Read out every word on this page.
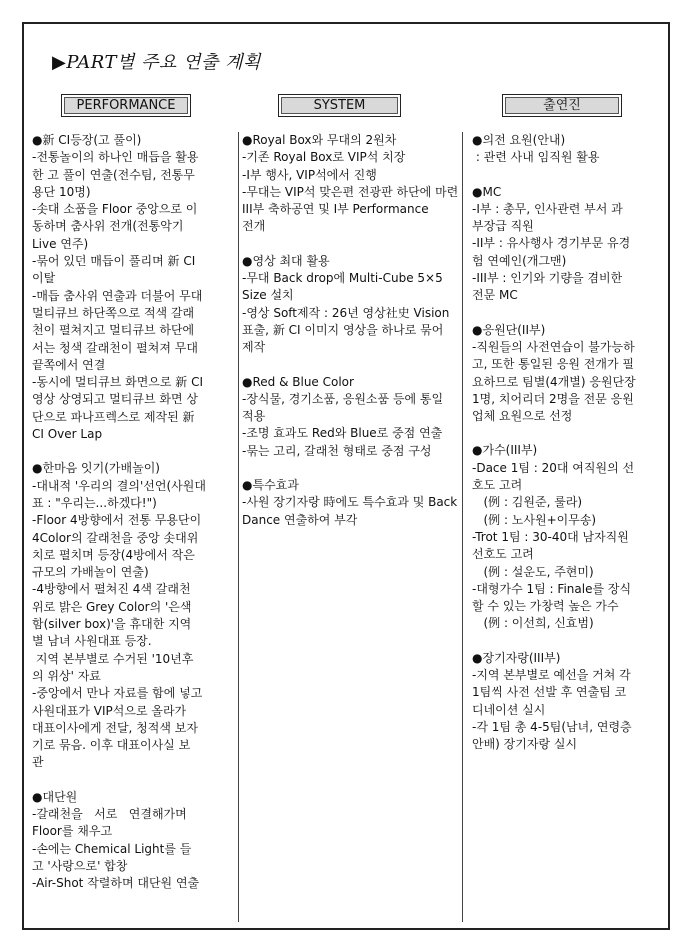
▶PART별 주요 연출 계획
PERFORMANCE	SYSTEM	출연진
●新 CI등장(고 풀이)
-전통놀이의 하나인 매듭을 활용
한 고 풀이 연출(전수팀, 전통무
용단 10명)
-솟대 소품을 Floor 중앙으로 이
동하며 춤사위 전개(전통악기
Live 연주)
-묶어 있던 매듭이 풀리며 新 CI
이탈
-매듭 춤사위 연출과 더불어 무대
멀티큐브 하단쪽으로 적색 갈래
천이 펼쳐지고 멀티큐브 하단에
서는 청색 갈래천이 펼쳐져 무대
끝쪽에서 연결
-동시에 멀티큐브 화면으로 新 CI
영상 상영되고 멀티큐브 화면 상
단으로 파나프렉스로 제작된 新
CI Over Lap
●한마음 잇기(가배놀이)
-대내적 '우리의 결의'선언(사원대
표 : "우리는...하겠다!")
-Floor 4방향에서 전통 무용단이
4Color의 갈래천을 중앙 솟대위
치로 펼치며 등장(4방에서 작은
규모의 가배놀이 연출)
-4방향에서 펼쳐진 4색 갈래천
위로 밝은 Grey Color의 '은색
함(silver box)'을 휴대한 지역
별 남녀 사원대표 등장.
지역 본부별로 수거된 '10년후
의 위상' 자료
-중앙에서 만나 자료를 함에 넣고
사원대표가 VIP석으로 올라가
대표이사에게 전달, 청적색 보자
기로 묶음. 이후 대표이사실 보
관
●대단원
-갈래천을   서로   연결해가며
Floor를 채우고
-손에는 Chemical Light를 들
고 '사랑으로' 합창
-Air-Shot 작렬하며 대단원 연출
●Royal Box와 무대의 2원차
-기존 Royal Box로 VIP석 치장
-I부 행사, VIP석에서 진행
-무대는 VIP석 맞은편 전광판 하단에 마련
III부 축하공연 및 I부 Performance
전개
●영상 최대 활용
-무대 Back drop에 Multi-Cube 5×5
Size 설치
-영상 Soft제작 : 26년 영상社史 Vision
표출, 新 CI 이미지 영상을 하나로 묶어
제작
●Red & Blue Color
-장식물, 경기소품, 응원소품 등에 통일
적용
-조명 효과도 Red와 Blue로 중점 연출
-묶는 고리, 갈래천 형태로 중점 구성
●특수효과
-사원 장기자랑 時에도 특수효과 및 Back
Dance 연출하여 부각
●의전 요원(안내)
: 관련 사내 임직원 활용
●MC
-I부 : 총무, 인사관련 부서 과
부장급 직원
-II부 : 유사행사 경기부문 유경
험 연예인(개그맨)
-III부 : 인기와 기량을 겸비한
전문 MC
●응원단(II부)
-직원들의 사전연습이 불가능하
고, 또한 통일된 응원 전개가 필
요하므로 팀별(4개별) 응원단장
1명, 치어리더 2명을 전문 응원
업체 요원으로 선정
●가수(III부)
-Dace 1팀 : 20대 여직원의 선
호도 고려
(例 : 김원준, 룰라)
(例 : 노사원+이무송)
-Trot 1팀 : 30-40대 남자직원
선호도 고려
(例 : 설운도, 주현미)
-대형가수 1팀 : Finale를 장식
할 수 있는 가창력 높은 가수
(例 : 이선희, 신효범)
●장기자랑(III부)
-지역 본부별로 예선을 거쳐 각
1팀씩 사전 선발 후 연출팀 코
디네이션 실시
-각 1팀 총 4-5팀(남녀, 연령층
안배) 장기자랑 실시
